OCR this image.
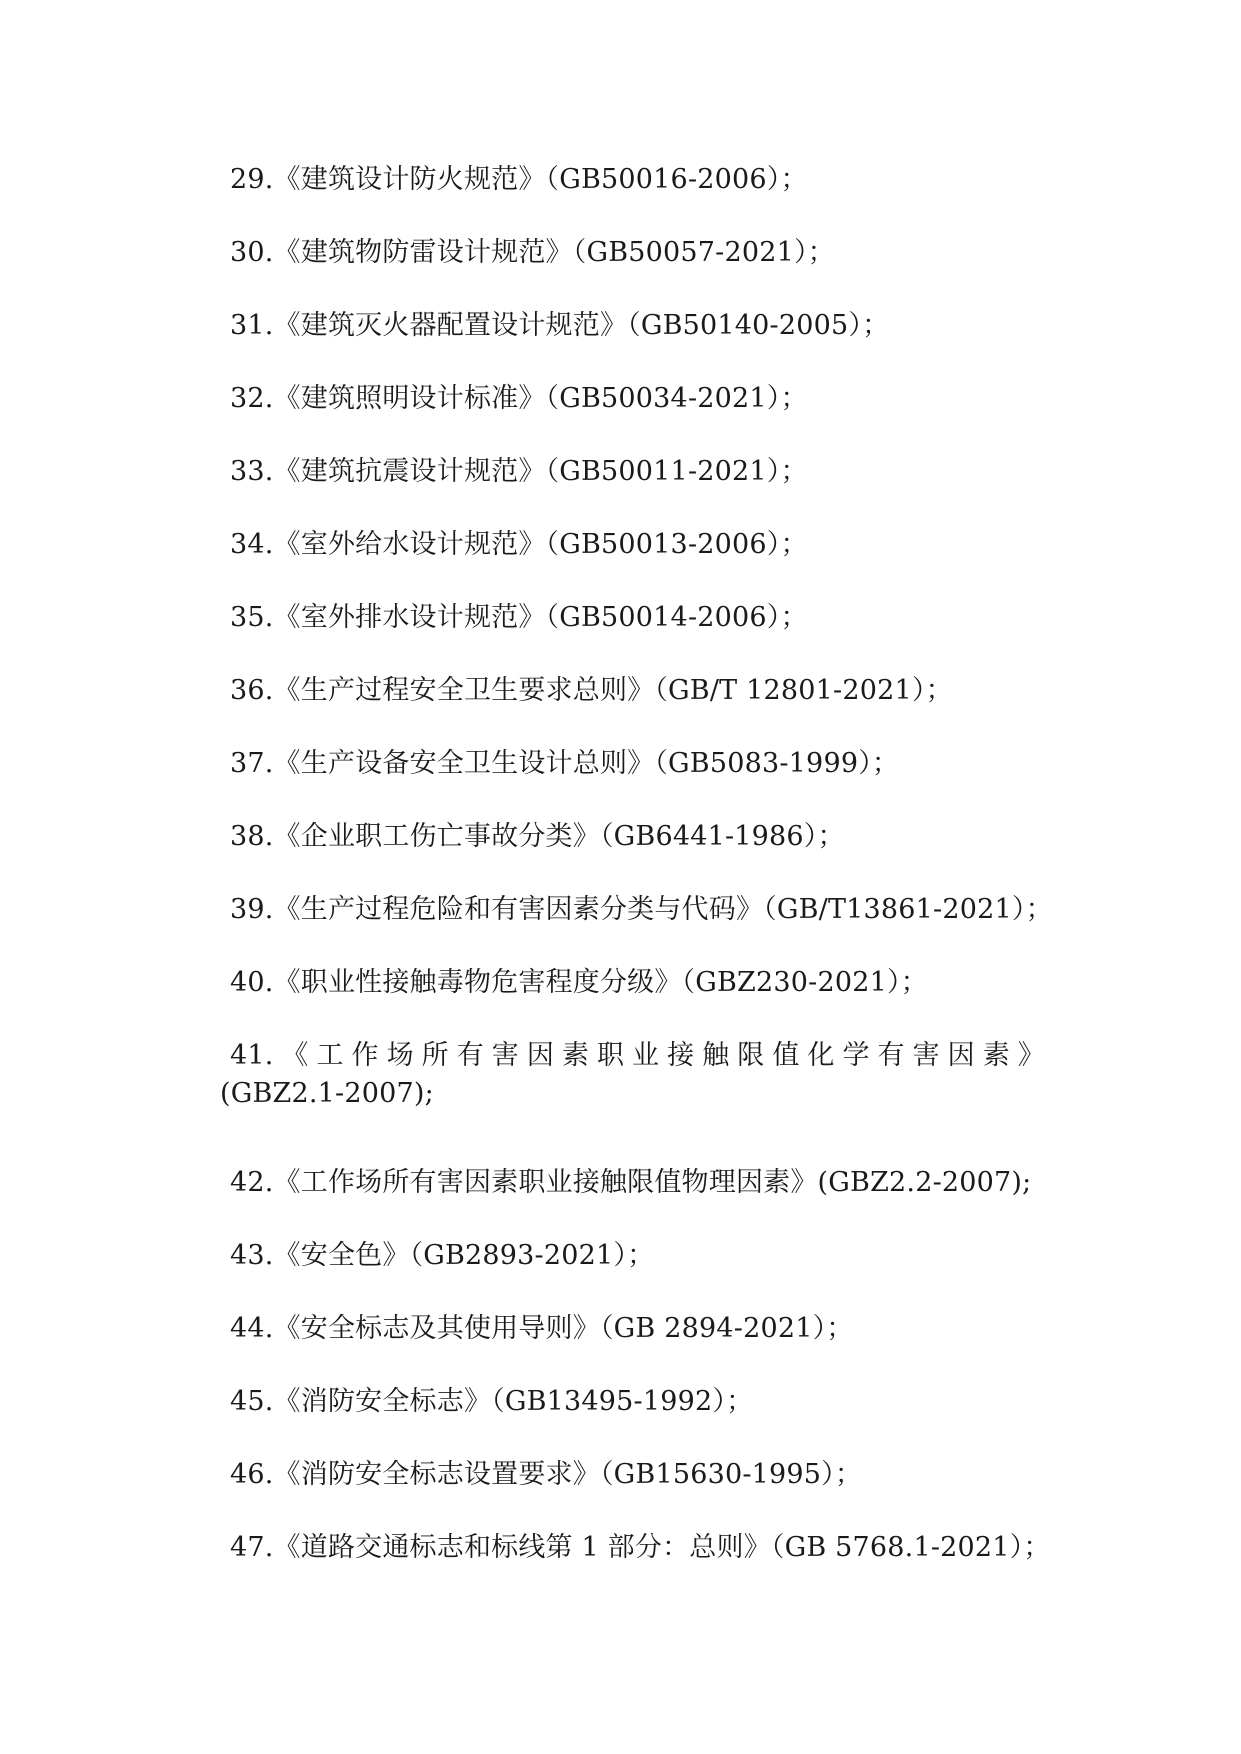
29.《建筑设计防火规范》（GB50016-2006）；
30.《建筑物防雷设计规范》（GB50057-2021）；
31.《建筑灭火器配置设计规范》（GB50140-2005）；
32.《建筑照明设计标准》（GB50034-2021）；
33.《建筑抗震设计规范》（GB50011-2021）；
34.《室外给水设计规范》（GB50013-2006）；
35.《室外排水设计规范》（GB50014-2006）；
36.《生产过程安全卫生要求总则》（GB/T 12801-2021）；
37.《生产设备安全卫生设计总则》（GB5083-1999）；
38.《企业职工伤亡事故分类》（GB6441-1986）；
39.《生产过程危险和有害因素分类与代码》（GB/T13861-2021）；
40.《职业性接触毒物危害程度分级》（GBZ230-2021）；
41.《工作场所有害因素职业接触限值化学有害因素》
(GBZ2.1-2007);
42.《工作场所有害因素职业接触限值物理因素》(GBZ2.2-2007);
43.《安全色》（GB2893-2021）；
44.《安全标志及其使用导则》（GB 2894-2021）；
45.《消防安全标志》（GB13495-1992）；
46.《消防安全标志设置要求》（GB15630-1995）；
47.《道路交通标志和标线第 1 部分：总则》（GB 5768.1-2021）；
